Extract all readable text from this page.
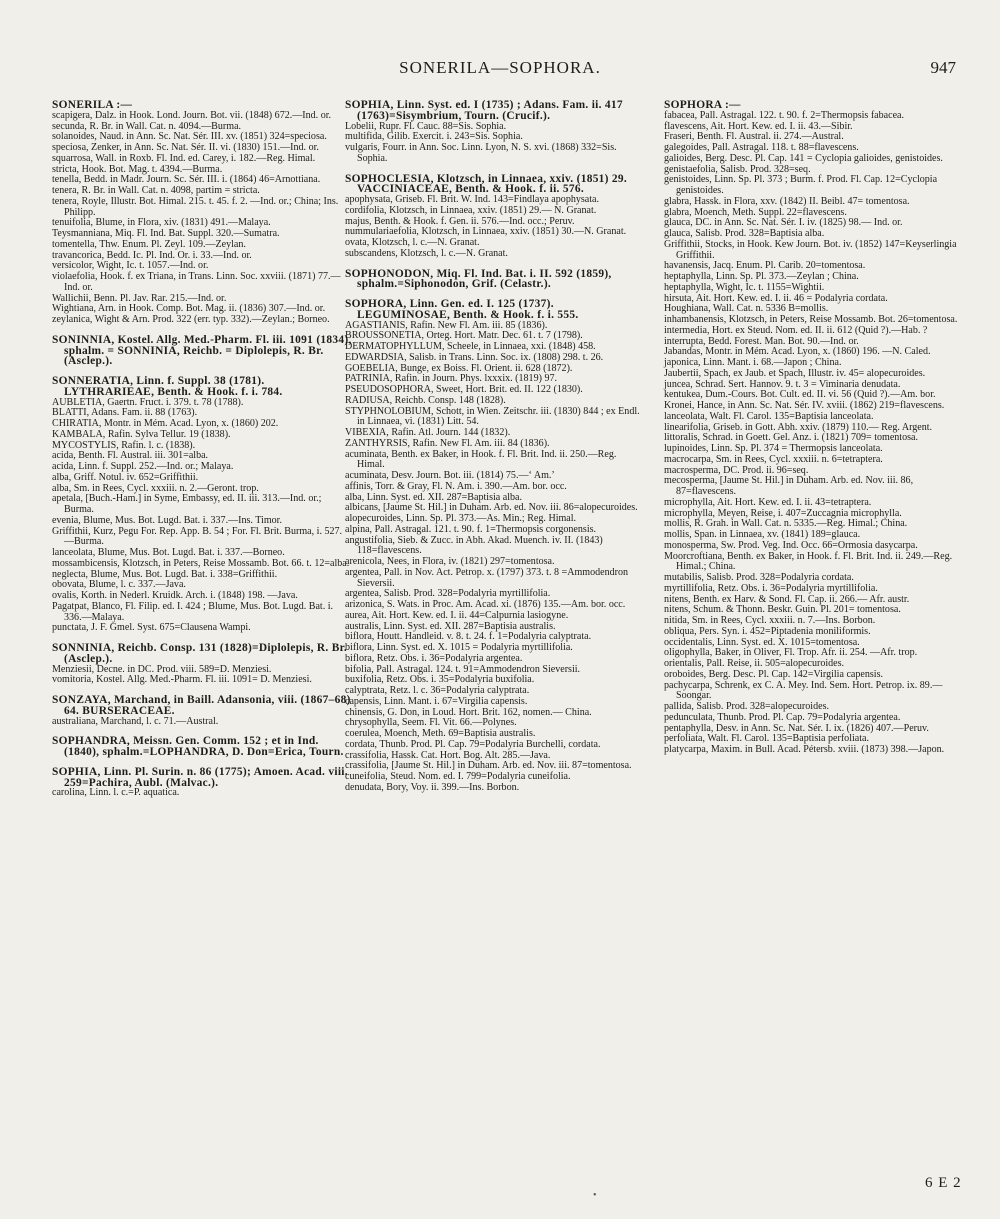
SONERILA—SOPHORA.	947

SONERILA :—

scapigera, Dalz. in Hook. Lond. Journ. Bot. vii. (1848) 672.—Ind. or.

secunda, R. Br. in Wall. Cat. n. 4094.—Burma.

solanoides, Naud. in Ann. Sc. Nat. Sér. III. xv. (1851) 324=speciosa.

speciosa, Zenker, in Ann. Sc. Nat. Sér. II. vi. (1830) 151.—Ind. or.

squarrosa, Wall. in Roxb. Fl. Ind. ed. Carey, i. 182.—Reg. Himal.

stricta, Hook. Bot. Mag. t. 4394.—Burma.

tenella, Bedd. in Madr. Journ. Sc. Sér. III. i. (1864) 46=Arnottiana.

tenera, R. Br. in Wall. Cat. n. 4098, partim = stricta.

tenera, Royle, Illustr. Bot. Himal. 215. t. 45. f. 2. —Ind. or.; China; Ins. Philipp.

tenuifolia, Blume, in Flora, xiv. (1831) 491.—Malaya.

Teysmanniana, Miq. Fl. Ind. Bat. Suppl. 320.—Sumatra.

tomentella, Thw. Enum. Pl. Zeyl. 109.—Zeylan.

travancorica, Bedd. Ic. Pl. Ind. Or. i. 33.—Ind. or.

versicolor, Wight, Ic. t. 1057.—Ind. or.

violaefolia, Hook. f. ex Triana, in Trans. Linn. Soc. xxviii. (1871) 77.—Ind. or.

Wallichii, Benn. Pl. Jav. Rar. 215.—Ind. or.

Wightiana, Arn. in Hook. Comp. Bot. Mag. ii. (1836) 307.—Ind. or.

zeylanica, Wight & Arn. Prod. 322 (err. typ. 332).—Zeylan.; Borneo.

SONINNIA, Kostel. Allg. Med.-Pharm. Fl. iii. 1091 (1834), sphalm. = SONNINIA, Reichb. = Diplolepis, R. Br. (Asclep.).

SONNERATIA, Linn. f. Suppl. 38 (1781). LYTHRARIEAE, Benth. & Hook. f. i. 784.

AUBLETIA, Gaertn. Fruct. i. 379. t. 78 (1788).

BLATTI, Adans. Fam. ii. 88 (1763).

CHIRATIA, Montr. in Mém. Acad. Lyon, x. (1860) 202.

KAMBALA, Rafin. Sylva Tellur. 19 (1838).

MYCOSTYLIS, Rafin. l. c. (1838).

acida, Benth. Fl. Austral. iii. 301=alba.

acida, Linn. f. Suppl. 252.—Ind. or.; Malaya.

alba, Griff. Notul. iv. 652=Griffithii.

alba, Sm. in Rees, Cycl. xxxiii. n. 2.—Geront. trop.

apetala, [Buch.-Ham.] in Syme, Embassy, ed. II. iii. 313.—Ind. or.; Burma.

evenia, Blume, Mus. Bot. Lugd. Bat. i. 337.—Ins. Timor.

Griffithii, Kurz, Pegu For. Rep. App. B. 54 ; For. Fl. Brit. Burma, i. 527.—Burma.

lanceolata, Blume, Mus. Bot. Lugd. Bat. i. 337.—Borneo.

mossambicensis, Klotzsch, in Peters, Reise Mossamb. Bot. 66. t. 12=alba.

neglecta, Blume, Mus. Bot. Lugd. Bat. i. 338=Griffithii.

obovata, Blume, l. c. 337.—Java.

ovalis, Korth. in Nederl. Kruidk. Arch. i. (1848) 198. —Java.

Pagatpat, Blanco, Fl. Filip. ed. I. 424 ; Blume, Mus. Bot. Lugd. Bat. i. 336.—Malaya.

punctata, J. F. Gmel. Syst. 675=Clausena Wampi.

SONNINIA, Reichb. Consp. 131 (1828)=Diplolepis, R. Br. (Asclep.).

Menziesii, Decne. in DC. Prod. viii. 589=D. Menziesi.

vomitoria, Kostel. Allg. Med.-Pharm. Fl. iii. 1091= D. Menziesi.

SONZAYA, Marchand, in Baill. Adansonia, viii. (1867–68) 64. BURSERACEAE.

australiana, Marchand, l. c. 71.—Austral.

SOPHANDRA, Meissn. Gen. Comm. 152 ; et in Ind. (1840), sphalm.=LOPHANDRA, D. Don=Erica, Tourn.

SOPHIA, Linn. Pl. Surin. n. 86 (1775); Amoen. Acad. viii. 259=Pachira, Aubl. (Malvac.).

carolina, Linn. l. c.=P. aquatica.

SOPHIA, Linn. Syst. ed. I (1735) ; Adans. Fam. ii. 417 (1763)=Sisymbrium, Tourn. (Crucif.).

Lobelii, Rupr. Fl. Cauc. 88=Sis. Sophia.

multifida, Gilib. Exercit. i. 243=Sis. Sophia.

vulgaris, Fourr. in Ann. Soc. Linn. Lyon, N. S. xvi. (1868) 332=Sis. Sophia.

SOPHOCLESIA, Klotzsch, in Linnaea, xxiv. (1851) 29. VACCINIACEAE, Benth. & Hook. f. ii. 576.

apophysata, Griseb. Fl. Brit. W. Ind. 143=Findlaya apophysata.

cordifolia, Klotzsch, in Linnaea, xxiv. (1851) 29.— N. Granat.

majus, Benth. & Hook. f. Gen. ii. 576.—Ind. occ.; Peruv.

nummulariaefolia, Klotzsch, in Linnaea, xxiv. (1851) 30.—N. Granat.

ovata, Klotzsch, l. c.—N. Granat.

subscandens, Klotzsch, l. c.—N. Granat.

SOPHONODON, Miq. Fl. Ind. Bat. i. II. 592 (1859), sphalm.=Siphonodon, Grif. (Celastr.).

SOPHORA, Linn. Gen. ed. I. 125 (1737). LEGUMINOSAE, Benth. & Hook. f. i. 555.

AGASTIANIS, Rafin. New Fl. Am. iii. 85 (1836).

BROUSSONETIA, Orteg. Hort. Matr. Dec. 61. t. 7 (1798).

DERMATOPHYLLUM, Scheele, in Linnaea, xxi. (1848) 458.

EDWARDSIA, Salisb. in Trans. Linn. Soc. ix. (1808) 298. t. 26.

GOEBELIA, Bunge, ex Boiss. Fl. Orient. ii. 628 (1872).

PATRINIA, Rafin. in Journ. Phys. lxxxix. (1819) 97.

PSEUDOSOPHORA, Sweet, Hort. Brit. ed. II. 122 (1830).

RADIUSA, Reichb. Consp. 148 (1828).

STYPHNOLOBIUM, Schott, in Wien. Zeitschr. iii. (1830) 844 ; ex Endl. in Linnaea, vi. (1831) Litt. 54.

VIBEXIA, Rafin. Atl. Journ. 144 (1832).

ZANTHYRSIS, Rafin. New Fl. Am. iii. 84 (1836).

acuminata, Benth. ex Baker, in Hook. f. Fl. Brit. Ind. ii. 250.—Reg. Himal.

acuminata, Desv. Journ. Bot. iii. (1814) 75.—‘ Am.’

affinis, Torr. & Gray, Fl. N. Am. i. 390.—Am. bor. occ.

alba, Linn. Syst. ed. XII. 287=Baptisia alba.

albicans, [Jaume St. Hil.] in Duham. Arb. ed. Nov. iii. 86=alopecuroides.

alopecuroides, Linn. Sp. Pl. 373.—As. Min.; Reg. Himal.

alpina, Pall. Astragal. 121. t. 90. f. 1=Thermopsis corgonensis.

angustifolia, Sieb. & Zucc. in Abh. Akad. Muench. iv. II. (1843) 118=flavescens.

arenicola, Nees, in Flora, iv. (1821) 297=tomentosa.

argentea, Pall. in Nov. Act. Petrop. x. (1797) 373. t. 8 =Ammodendron Sieversii.

argentea, Salisb. Prod. 328=Podalyria myrtillifolia.

arizonica, S. Wats. in Proc. Am. Acad. xi. (1876) 135.—Am. bor. occ.

aurea, Ait. Hort. Kew. ed. I. ii. 44=Calpurnia lasiogyne.

australis, Linn. Syst. ed. XII. 287=Baptisia australis.

biflora, Houtt. Handleid. v. 8. t. 24. f. 1=Podalyria calyptrata.

biflora, Linn. Syst. ed. X. 1015 = Podalyria myrtillifolia.

biflora, Retz. Obs. i. 36=Podalyria argentea.

bifolia, Pall. Astragal. 124. t. 91=Ammodendron Sieversii.

buxifolia, Retz. Obs. i. 35=Podalyria buxifolia.

calyptrata, Retz. l. c. 36=Podalyria calyptrata.

capensis, Linn. Mant. i. 67=Virgilia capensis.

chinensis, G. Don, in Loud. Hort. Brit. 162, nomen.— China.

chrysophylla, Seem. Fl. Vit. 66.—Polynes.

coerulea, Moench, Meth. 69=Baptisia australis.

cordata, Thunb. Prod. Pl. Cap. 79=Podalyria Burchelli, cordata.

crassifolia, Hassk. Cat. Hort. Bog. Alt. 285.—Java.

crassifolia, [Jaume St. Hil.] in Duham. Arb. ed. Nov. iii. 87=tomentosa.

cuneifolia, Steud. Nom. ed. I. 799=Podalyria cuneifolia.

denudata, Bory, Voy. ii. 399.—Ins. Borbon.

SOPHORA :—

fabacea, Pall. Astragal. 122. t. 90. f. 2=Thermopsis fabacea.

flavescens, Ait. Hort. Kew. ed. I. ii. 43.—Sibir.

Fraseri, Benth. Fl. Austral. ii. 274.—Austral.

galegoides, Pall. Astragal. 118. t. 88=flavescens.

galioides, Berg. Desc. Pl. Cap. 141 = Cyclopia galioides, genistoides.

genistaefolia, Salisb. Prod. 328=seq.

genistoides, Linn. Sp. Pl. 373 ; Burm. f. Prod. Fl. Cap. 12=Cyclopia genistoides.

glabra, Hassk. in Flora, xxv. (1842) II. Beibl. 47= tomentosa.

glabra, Moench, Meth. Suppl. 22=flavescens.

glauca, DC. in Ann. Sc. Nat. Sér. I. iv. (1825) 98.— Ind. or.

glauca, Salisb. Prod. 328=Baptisia alba.

Griffithii, Stocks, in Hook. Kew Journ. Bot. iv. (1852) 147=Keyserlingia Griffithii.

havanensis, Jacq. Enum. Pl. Carib. 20=tomentosa.

heptaphylla, Linn. Sp. Pl. 373.—Zeylan ; China.

heptaphylla, Wight, Ic. t. 1155=Wightii.

hirsuta, Ait. Hort. Kew. ed. I. ii. 46 = Podalyria cordata.

Houghiana, Wall. Cat. n. 5336 B=mollis.

inhambanensis, Klotzsch, in Peters, Reise Mossamb. Bot. 26=tomentosa.

intermedia, Hort. ex Steud. Nom. ed. II. ii. 612 (Quid ?).—Hab. ?

interrupta, Bedd. Forest. Man. Bot. 90.—Ind. or.

Jabandas, Montr. in Mém. Acad. Lyon, x. (1860) 196. —N. Caled.

japonica, Linn. Mant. i. 68.—Japon ; China.

Jaubertii, Spach, ex Jaub. et Spach, Illustr. iv. 45= alopecuroides.

juncea, Schrad. Sert. Hannov. 9. t. 3 = Viminaria denudata.

kentukea, Dum.-Cours. Bot. Cult. ed. II. vi. 56 (Quid ?).—Am. bor.

Kronei, Hance, in Ann. Sc. Nat. Sér. IV. xviii. (1862) 219=flavescens.

lanceolata, Walt. Fl. Carol. 135=Baptisia lanceolata.

linearifolia, Griseb. in Gott. Abh. xxiv. (1879) 110.— Reg. Argent.

littoralis, Schrad. in Goett. Gel. Anz. i. (1821) 709= tomentosa.

lupinoides, Linn. Sp. Pl. 374 = Thermopsis lanceolata.

macrocarpa, Sm. in Rees, Cycl. xxxiii. n. 6=tetraptera.

macrosperma, DC. Prod. ii. 96=seq.

mecosperma, [Jaume St. Hil.] in Duham. Arb. ed. Nov. iii. 86, 87=flavescens.

microphylla, Ait. Hort. Kew. ed. I. ii. 43=tetraptera.

microphylla, Meyen, Reise, i. 407=Zuccagnia microphylla.

mollis, R. Grah. in Wall. Cat. n. 5335.—Reg. Himal.; China.

mollis, Span. in Linnaea, xv. (1841) 189=glauca.

monosperma, Sw. Prod. Veg. Ind. Occ. 66=Ormosia dasycarpa.

Moorcroftiana, Benth. ex Baker, in Hook. f. Fl. Brit. Ind. ii. 249.—Reg. Himal.; China.

mutabilis, Salisb. Prod. 328=Podalyria cordata.

myrtillifolia, Retz. Obs. i. 36=Podalyria myrtillifolia.

nitens, Benth. ex Harv. & Sond. Fl. Cap. ii. 266.— Afr. austr.

nitens, Schum. & Thonn. Beskr. Guin. Pl. 201= tomentosa.

nitida, Sm. in Rees, Cycl. xxxiii. n. 7.—Ins. Borbon.

obliqua, Pers. Syn. i. 452=Piptadenia moniliformis.

occidentalis, Linn. Syst. ed. X. 1015=tomentosa.

oligophylla, Baker, in Oliver, Fl. Trop. Afr. ii. 254. —Afr. trop.

orientalis, Pall. Reise, ii. 505=alopecuroides.

oroboides, Berg. Desc. Pl. Cap. 142=Virgilia capensis.

pachycarpa, Schrenk, ex C. A. Mey. Ind. Sem. Hort. Petrop. ix. 89.—Soongar.

pallida, Salisb. Prod. 328=alopecuroides.

pedunculata, Thunb. Prod. Pl. Cap. 79=Podalyria argentea.

pentaphylla, Desv. in Ann. Sc. Nat. Sér. I. ix. (1826) 407.—Peruv.

perfoliata, Walt. Fl. Carol. 135=Baptisia perfoliata.

platycarpa, Maxim. in Bull. Acad. Pétersb. xviii. (1873) 398.—Japon.

6 E 2
•
